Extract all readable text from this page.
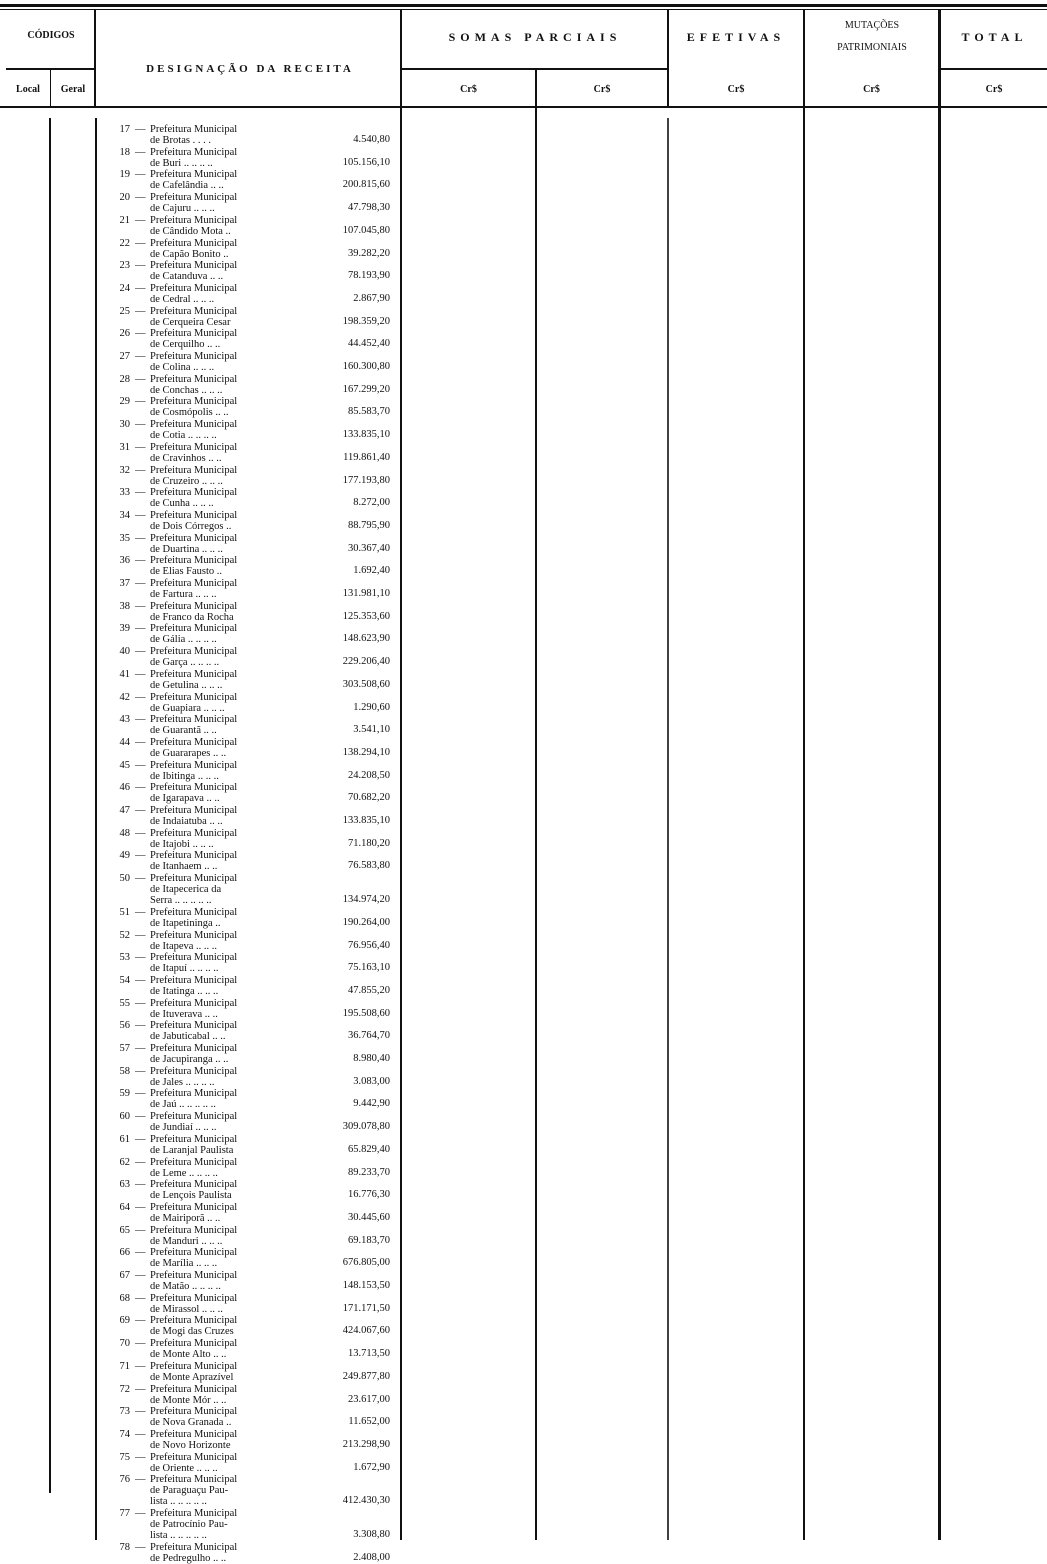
CÓDIGOS
Local	Geral
DESIGNAÇÃO DA RECEITA
SOMAS PARCIAIS	EFETIVAS
MUTAÇÕES
PATRIMONIAIS
TOTAL
Cr$	Cr$	Cr$	Cr$	Cr$
17 — Prefeitura Municipal
de Brotas . . . .	4.540,80
18 — Prefeitura Municipal
de Buri .. .. .. ..	105.156,10
19 — Prefeitura Municipal
de Cafelândia .. ..	200.815,60
20 — Prefeitura Municipal
de Cajuru .. .. ..	47.798,30
21 — Prefeitura Municipal
de Cândido Mota ..	107.045,80
22 — Prefeitura Municipal
de Capão Bonito ..	39.282,20
23 — Prefeitura Municipal
de Catanduva .. ..	78.193,90
24 — Prefeitura Municipal
de Cedral .. .. ..	2.867,90
25 — Prefeitura Municipal
de Cerqueira Cesar	198.359,20
26 — Prefeitura Municipal
de Cerquilho .. ..	44.452,40
27 — Prefeitura Municipal
de Colina .. .. ..	160.300,80
28 — Prefeitura Municipal
de Conchas .. .. ..	167.299,20
29 — Prefeitura Municipal
de Cosmópolis .. ..	85.583,70
30 — Prefeitura Municipal
de Cotia .. .. .. ..	133.835,10
31 — Prefeitura Municipal
de Cravinhos .. ..	119.861,40
32 — Prefeitura Municipal
de Cruzeiro .. .. ..	177.193,80
33 — Prefeitura Municipal
de Cunha .. .. ..	8.272,00
34 — Prefeitura Municipal
de Dois Córregos ..	88.795,90
35 — Prefeitura Municipal
de Duartina .. .. ..	30.367,40
36 — Prefeitura Municipal
de Elias Fausto ..	1.692,40
37 — Prefeitura Municipal
de Fartura .. .. ..	131.981,10
38 — Prefeitura Municipal
de Franco da Rocha	125.353,60
39 — Prefeitura Municipal
de Gália .. .. .. ..	148.623,90
40 — Prefeitura Municipal
de Garça .. .. .. ..	229.206,40
41 — Prefeitura Municipal
de Getulina .. .. ..	303.508,60
42 — Prefeitura Municipal
de Guapiara .. .. ..	1.290,60
43 — Prefeitura Municipal
de Guarantã .. ..	3.541,10
44 — Prefeitura Municipal
de Guararapes .. ..	138.294,10
45 — Prefeitura Municipal
de Ibitinga .. .. ..	24.208,50
46 — Prefeitura Municipal
de Igarapava .. ..	70.682,20
47 — Prefeitura Municipal
de Indaiatuba .. ..	133.835,10
48 — Prefeitura Municipal
de Itajobi .. .. ..	71.180,20
49 — Prefeitura Municipal
de Itanhaem .. ..	76.583,80
50 — Prefeitura Municipal
de Itapecerica da
Serra .. .. .. .. ..	134.974,20
51 — Prefeitura Municipal
de Itapetininga ..	190.264,00
52 — Prefeitura Municipal
de Itapeva .. .. ..	76.956,40
53 — Prefeitura Municipal
de Itapuí .. .. .. ..	75.163,10
54 — Prefeitura Municipal
de Itatinga .. .. ..	47.855,20
55 — Prefeitura Municipal
de Ituverava .. ..	195.508,60
56 — Prefeitura Municipal
de Jabuticabal .. ..	36.764,70
57 — Prefeitura Municipal
de Jacupiranga .. ..	8.980,40
58 — Prefeitura Municipal
de Jales .. .. .. ..	3.083,00
59 — Prefeitura Municipal
de Jaú .. .. .. .. ..	9.442,90
60 — Prefeitura Municipal
de Jundiaí .. .. ..	309.078,80
61 — Prefeitura Municipal
de Laranjal Paulista	65.829,40
62 — Prefeitura Municipal
de Leme .. .. .. ..	89.233,70
63 — Prefeitura Municipal
de Lençois Paulista	16.776,30
64 — Prefeitura Municipal
de Mairiporã .. ..	30.445,60
65 — Prefeitura Municipal
de Manduri .. .. ..	69.183,70
66 — Prefeitura Municipal
de Marília .. .. ..	676.805,00
67 — Prefeitura Municipal
de Matão .. .. .. ..	148.153,50
68 — Prefeitura Municipal
de Mirassol .. .. ..	171.171,50
69 — Prefeitura Municipal
de Mogi das Cruzes	424.067,60
70 — Prefeitura Municipal
de Monte Alto .. ..	13.713,50
71 — Prefeitura Municipal
de Monte Aprazível	249.877,80
72 — Prefeitura Municipal
de Monte Mór .. ..	23.617,00
73 — Prefeitura Municipal
de Nova Granada ..	11.652,00
74 — Prefeitura Municipal
de Novo Horizonte	213.298,90
75 — Prefeitura Municipal
de Oriente .. .. ..	1.672,90
76 — Prefeitura Municipal
de Paraguaçu Pau-
lista .. .. .. .. ..	412.430,30
77 — Prefeitura Municipal
de Patrocínio Pau-
lista .. .. .. .. ..	3.308,80
78 — Prefeitura Municipal
de Pedregulho .. ..	2.408,00
